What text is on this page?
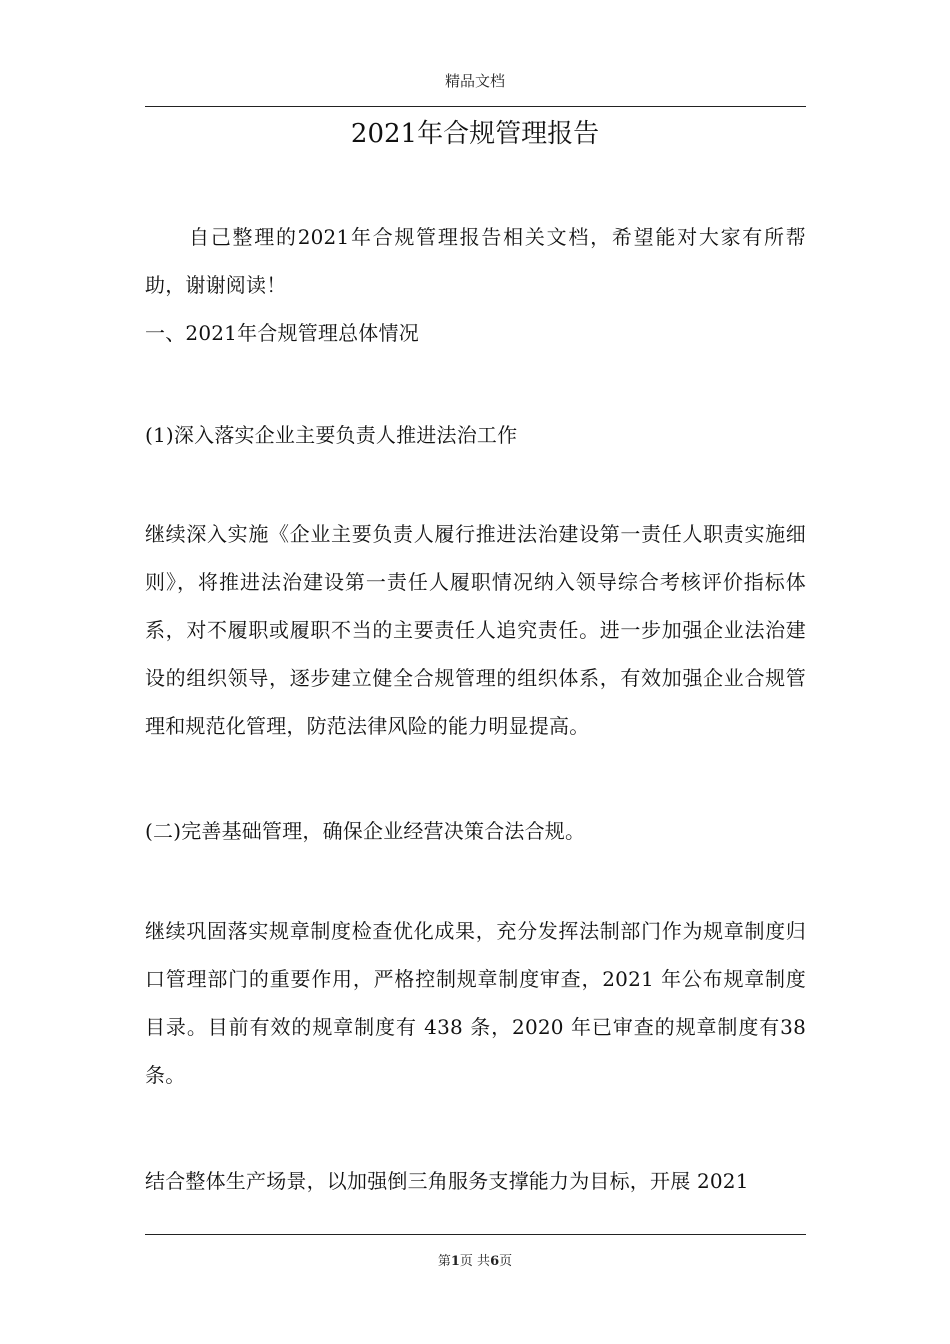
精品文档
2021年合规管理报告

自己整理的2021年合规管理报告相关文档，希望能对大家有所帮助，谢谢阅读！

一、2021年合规管理总体情况

(1)深入落实企业主要负责人推进法治工作

继续深入实施《企业主要负责人履行推进法治建设第一责任人职责实施细则》，将推进法治建设第一责任人履职情况纳入领导综合考核评价指标体系，对不履职或履职不当的主要责任人追究责任。进一步加强企业法治建设的组织领导，逐步建立健全合规管理的组织体系，有效加强企业合规管理和规范化管理，防范法律风险的能力明显提高。

(二)完善基础管理，确保企业经营决策合法合规。

继续巩固落实规章制度检查优化成果，充分发挥法制部门作为规章制度归口管理部门的重要作用，严格控制规章制度审查，2021 年公布规章制度目录。目前有效的规章制度有 438 条，2020 年已审查的规章制度有38条。

结合整体生产场景，以加强倒三角服务支撑能力为目标，开展 2021

第1页 共6页
